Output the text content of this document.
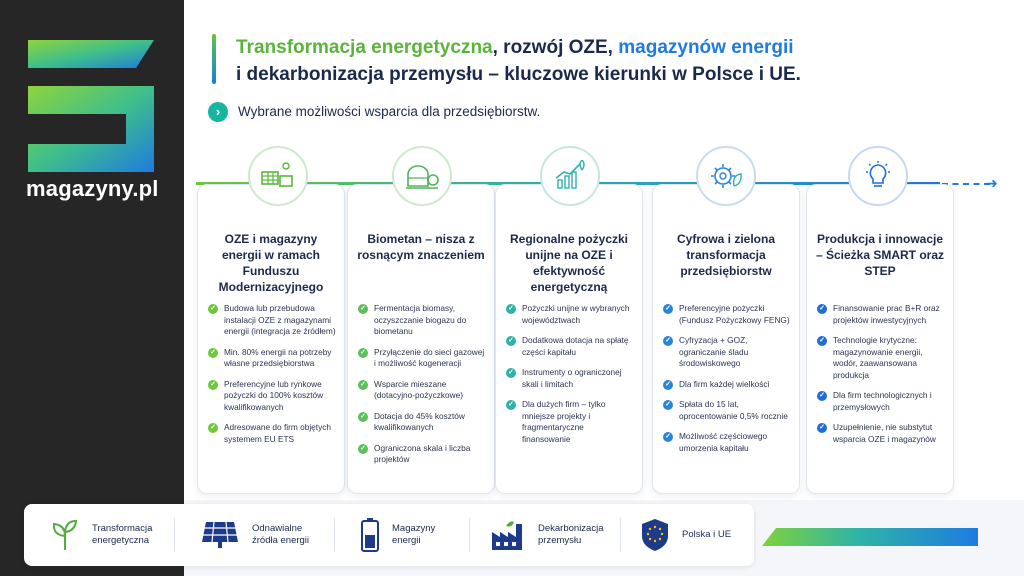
magazyny.pl
Transformacja energetyczna, rozwój OZE, magazynów energii
i dekarbonizacja przemysłu – kluczowe kierunki w Polsce i UE.
›	Wybrane możliwości wsparcia dla przedsiębiorstw.
➜
OZE i magazyny energii w ramach Funduszu Modernizacyjnego
✓ Budowa lub przebudowa instalacji OZE z magazynami energii (integracja ze źródłem)
✓ Min. 80% energii na potrzeby własne przedsiębiorstwa
✓ Preferencyjne lub rynkowe pożyczki do 100% kosztów kwalifikowanych
✓ Adresowane do firm objętych systemem EU ETS
Biometan – nisza z rosnącym znaczeniem
✓ Fermentacja biomasy, oczyszczanie biogazu do biometanu
✓ Przyłączenie do sieci gazowej i możliwość kogeneracji
✓ Wsparcie mieszane (dotacyjno-pożyczkowe)
✓ Dotacja do 45% kosztów kwalifikowanych
✓ Ograniczona skala i liczba projektów
Regionalne pożyczki unijne na OZE i efektywność energetyczną
✓ Pożyczki unijne w wybranych województwach
✓ Dodatkowa dotacja na spłatę części kapitału
✓ Instrumenty o ograniczonej skali i limitach
✓ Dla dużych firm – tylko mniejsze projekty i fragmentaryczne finansowanie
Cyfrowa i zielona transformacja przedsiębiorstw
✓ Preferencyjne pożyczki (Fundusz Pożyczkowy FENG)
✓ Cyfryzacja + GOZ, ograniczanie śladu środowiskowego
✓ Dla firm każdej wielkości
✓ Spłata do 15 lat, oprocentowanie 0,5% rocznie
✓ Możliwość częściowego umorzenia kapitału
Produkcja i innowacje – Ścieżka SMART oraz STEP
✓ Finansowanie prac B+R oraz projektów inwestycyjnych
✓ Technologie krytyczne: magazynowanie energii, wodór, zaawansowana produkcja
✓ Dla firm technologicznych i przemysłowych
✓ Uzupełnienie, nie substytut wsparcia OZE i magazynów
Transformacja
energetyczna
Odnawialne
źródła energii
Magazyny
energii
Dekarbonizacja
przemysłu
Polska i UE
